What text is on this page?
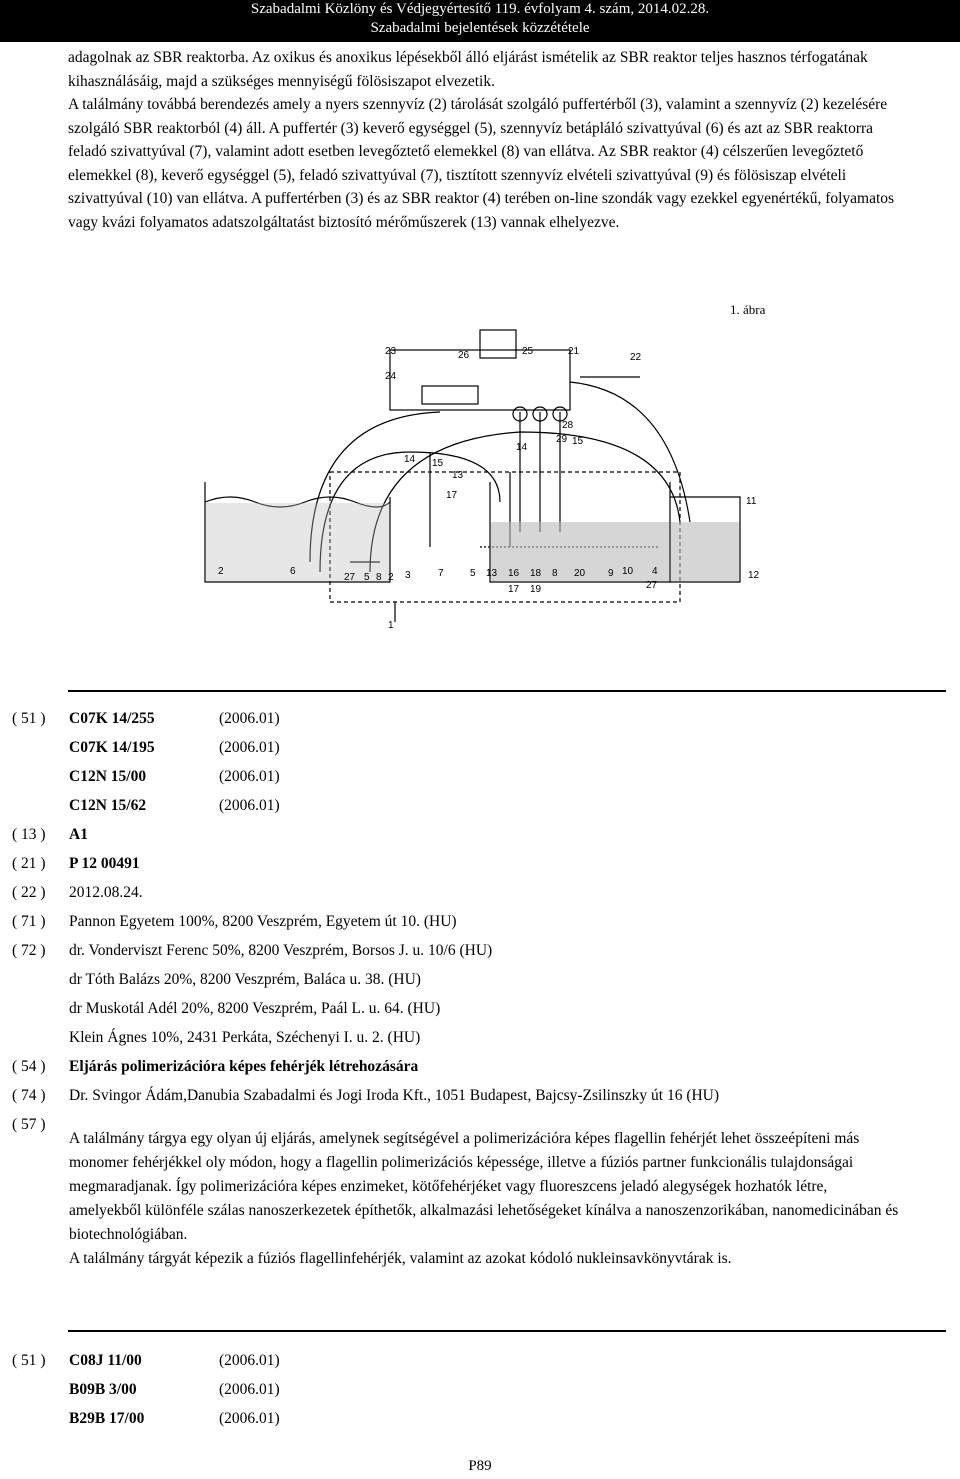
Szabadalmi Közlöny és Védjegyértesítő 119. évfolyam 4. szám, 2014.02.28.
Szabadalmi bejelentések közzététele

adagolnak az SBR reaktorba. Az oxikus és anoxikus lépésekből álló eljárást ismételik az SBR reaktor teljes hasznos térfogatának kihasználásáig, majd a szükséges mennyiségű fölösiszapot elvezetik.

A találmány továbbá berendezés amely a nyers szennyvíz (2) tárolását szolgáló puffertérből (3), valamint a szennyvíz (2) kezelésére szolgáló SBR reaktorból (4) áll. A puffertér (3) keverő egységgel (5), szennyvíz betápláló szivattyúval (6) és azt az SBR reaktorra feladó szivattyúval (7), valamint adott esetben levegőztető elemekkel (8) van ellátva. Az SBR reaktor (4) célszerűen levegőztető elemekkel (8), keverő egységgel (5), feladó szivattyúval (7), tisztított szennyvíz elvételi szivattyúval (9) és fölösiszap elvételi szivattyúval (10) van ellátva. A puffertérben (3) és az SBR reaktor (4) terében on-line szondák vagy ezekkel egyenértékű, folyamatos vagy kvázi folyamatos adatszolgáltatást biztosító mérőműszerek (13) vannak elhelyezve.

1. ábra
23	26	25	21
22
24
28
29 15
14
14 15
13
17
11
2	6
27 5 8 2 3	7	5 13 16 18 8 20 9 10 4	12
17 19	27
1
( 51 )	C07K 14/255	(2006.01)
C07K 14/195	(2006.01)
C12N 15/00	(2006.01)
C12N 15/62	(2006.01)
( 13 )	A1
( 21 )	P 12 00491
( 22 )	2012.08.24.
( 71 )	Pannon Egyetem 100%, 8200 Veszprém, Egyetem út 10. (HU)
( 72 )	dr. Vonderviszt Ferenc 50%, 8200 Veszprém, Borsos J. u. 10/6 (HU)
dr Tóth Balázs 20%, 8200 Veszprém, Baláca u. 38. (HU)
dr Muskotál Adél 20%, 8200 Veszprém, Paál L. u. 64. (HU)
Klein Ágnes 10%, 2431 Perkáta, Széchenyi I. u. 2. (HU)
( 54 )	Eljárás polimerizációra képes fehérjék létrehozására
( 74 )	Dr. Svingor Ádám,Danubia Szabadalmi és Jogi Iroda Kft., 1051 Budapest, Bajcsy-Zsilinszky út 16 (HU)
( 57 )

A találmány tárgya egy olyan új eljárás, amelynek segítségével a polimerizációra képes flagellin fehérjét lehet összeépíteni más monomer fehérjékkel oly módon, hogy a flagellin polimerizációs képessége, illetve a fúziós partner funkcionális tulajdonságai megmaradjanak. Így polimerizációra képes enzimeket, kötőfehérjéket vagy fluoreszcens jeladó alegységek hozhatók létre, amelyekből különféle szálas nanoszerkezetek építhetők, alkalmazási lehetőségeket kínálva a nanoszenzorikában, nanomedicinában és biotechnológiában.

A találmány tárgyát képezik a fúziós flagellinfehérjék, valamint az azokat kódoló nukleinsavkönyvtárak is.

( 51 )	C08J 11/00	(2006.01)
B09B 3/00	(2006.01)
B29B 17/00	(2006.01)
P89
